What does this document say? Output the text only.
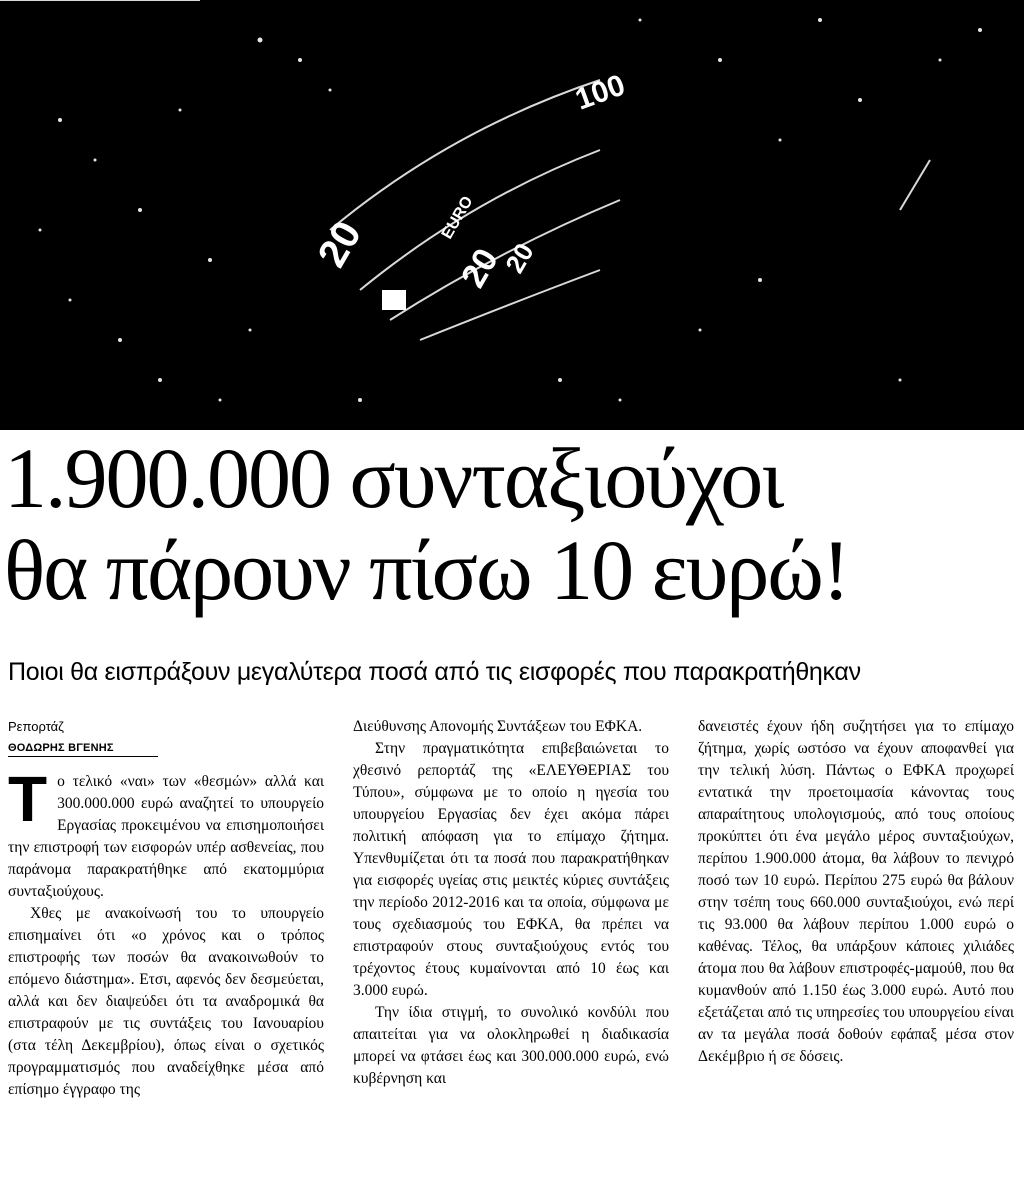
20 20
EURO
100
20
1.900.000 συνταξιούχοι
θα πάρουν πίσω 10 ευρώ!
Ποιοι θα εισπράξουν μεγαλύτερα ποσά από τις εισφορές που παρακρατήθηκαν
Ρεπορτάζ
ΘΟΔΩΡΗΣ ΒΓΕΝΗΣ

Τ ο τελικό «ναι» των «θεσμών» αλλά και 300.000.000 ευρώ αναζητεί το υπουργείο Εργασίας προκειμένου να επισημοποιήσει την επιστροφή των εισφορών υπέρ ασθενείας, που παράνομα παρακρατήθηκε από εκατομμύρια συνταξιούχους.

Χθες με ανακοίνωσή του το υπουργείο επισημαίνει ότι «ο χρόνος και ο τρόπος επιστροφής των ποσών θα ανακοινωθούν το επόμενο διάστημα». Ετσι, αφενός δεν δεσμεύεται, αλλά και δεν διαψεύδει ότι τα αναδρομικά θα επιστραφούν με τις συντάξεις του Ιανουαρίου (στα τέλη Δεκεμβρίου), όπως είναι ο σχετικός προγραμματισμός που αναδείχθηκε μέσα από επίσημο έγγραφο της

Διεύθυνσης Απονομής Συντάξεων του ΕΦΚΑ.

Στην πραγματικότητα επιβεβαιώνεται το χθεσινό ρεπορτάζ της «ΕΛΕΥΘΕΡΙΑΣ του Τύπου», σύμφωνα με το οποίο η ηγεσία του υπουργείου Εργασίας δεν έχει ακόμα πάρει πολιτική απόφαση για το επίμαχο ζήτημα. Υπενθυμίζεται ότι τα ποσά που παρακρατήθηκαν για εισφορές υγείας στις μεικτές κύριες συντάξεις την περίοδο 2012-2016 και τα οποία, σύμφωνα με τους σχεδιασμούς του ΕΦΚΑ, θα πρέπει να επιστραφούν στους συνταξιούχους εντός του τρέχοντος έτους κυμαίνονται από 10 έως και 3.000 ευρώ.

Την ίδια στιγμή, το συνολικό κονδύλι που απαιτείται για να ολοκληρωθεί η διαδικασία μπορεί να φτάσει έως και 300.000.000 ευρώ, ενώ κυβέρνηση και

δανειστές έχουν ήδη συζητήσει για το επίμαχο ζήτημα, χωρίς ωστόσο να έχουν αποφανθεί για την τελική λύση. Πάντως ο ΕΦΚΑ προχωρεί εντατικά την προετοιμασία κάνοντας τους απαραίτητους υπολογισμούς, από τους οποίους προκύπτει ότι ένα μεγάλο μέρος συνταξιούχων, περίπου 1.900.000 άτομα, θα λάβουν το πενιχρό ποσό των 10 ευρώ. Περίπου 275 ευρώ θα βάλουν στην τσέπη τους 660.000 συνταξιούχοι, ενώ περί τις 93.000 θα λάβουν περίπου 1.000 ευρώ ο καθένας. Τέλος, θα υπάρξουν κάποιες χιλιάδες άτομα που θα λάβουν επιστροφές-μαμούθ, που θα κυμανθούν από 1.150 έως 3.000 ευρώ. Αυτό που εξετάζεται από τις υπηρεσίες του υπουργείου είναι αν τα μεγάλα ποσά δοθούν εφάπαξ μέσα στον Δεκέμβριο ή σε δόσεις.
